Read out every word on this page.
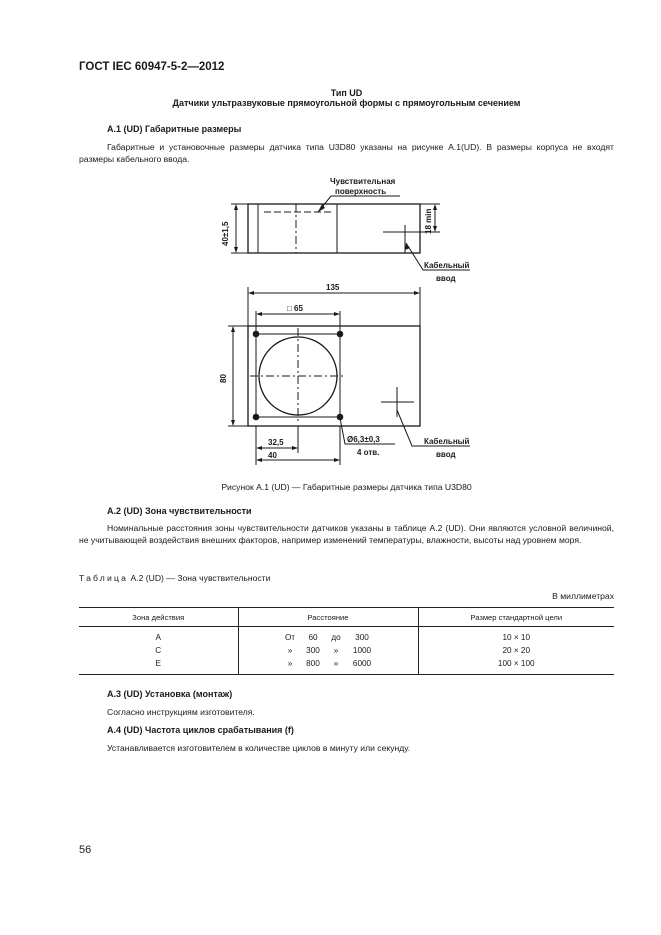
ГОСТ IEC 60947-5-2—2012
Тип UD
Датчики ультразвуковые прямоугольной формы с прямоугольным сечением
А.1 (UD) Габаритные размеры
Габаритные и установочные размеры датчика типа U3D80 указаны на рисунке А.1(UD). В размеры корпуса не входят размеры кабельного ввода.
Чувствительная
поверхность
40±1,5	18 min
Кабельный
ввод
135
□ 65
80
32,5
40
Ø6,3±0,3
4 отв.
Кабельный
ввод
Рисунок А.1 (UD) — Габаритные размеры датчика типа U3D80
А.2 (UD) Зона чувствительности
Номинальные расстояния зоны чувствительности датчиков указаны в таблице А.2 (UD). Они являются условной величиной, не учитывающей воздействия внешних факторов, например изменений температуры, влажности, высоты над уровнем моря.
Таблица А.2 (UD) — Зона чувствительности
В миллиметрах
Зона действия	Расстояние	Размер стандартной цели
A	От 60 до 300	10 × 10
C	» 300 » 1000	20 × 20
E	» 800 » 6000	100 × 100
А.3 (UD) Установка (монтаж)
Согласно инструкциям изготовителя.
А.4 (UD) Частота циклов срабатывания (f)
Устанавливается изготовителем в количестве циклов в минуту или секунду.
56
